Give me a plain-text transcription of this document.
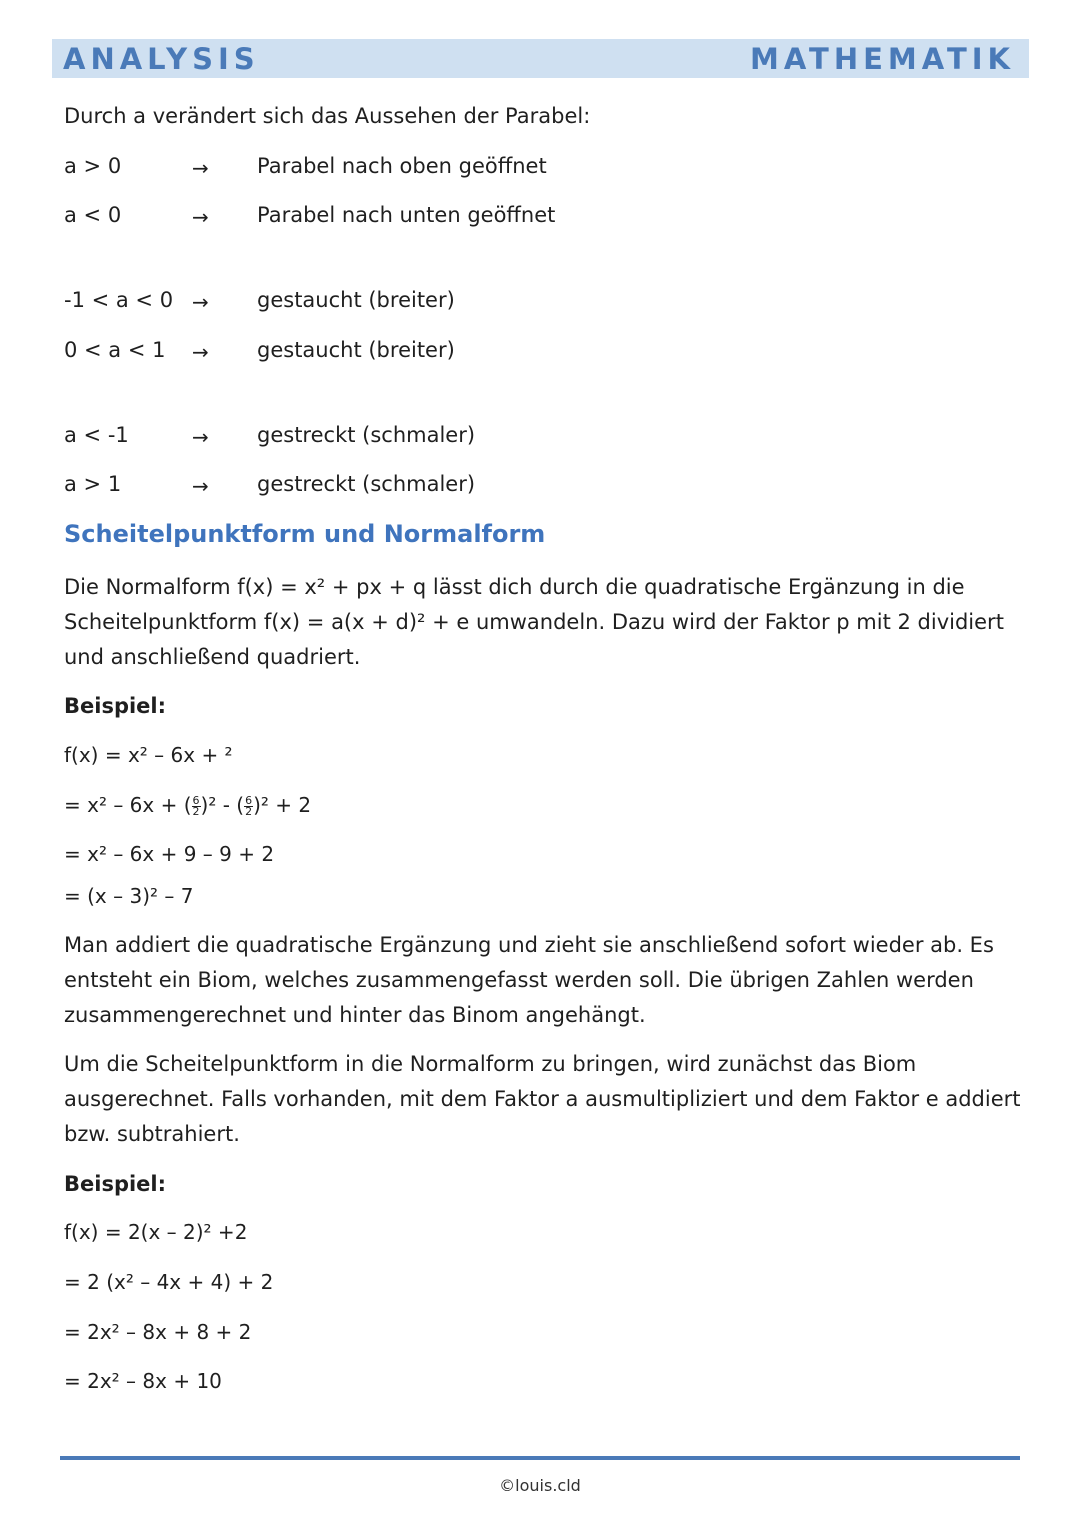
ANALYSIS	MATHEMATIK
Durch a verändert sich das Aussehen der Parabel:
a > 0	→ Parabel nach oben geöffnet
a < 0	→ Parabel nach unten geöffnet
-1 < a < 0 → gestaucht (breiter)
0 < a < 1 → gestaucht (breiter)
a < -1	→ gestreckt (schmaler)
a > 1	→ gestreckt (schmaler)
Scheitelpunktform und Normalform
Die Normalform f(x) = x² + px + q lässt dich durch die quadratische Ergänzung in die
Scheitelpunktform f(x) = a(x + d)² + e umwandeln. Dazu wird der Faktor p mit 2 dividiert
und anschließend quadriert.
Beispiel:
f(x) = x² – 6x + ²
= x² – 6x + ( $\frac{6}{2} )^2$ - ( $\frac{6}{2} )^2 + 2$
= x² – 6x + 9 – 9 + 2
= (x – 3)² – 7
Man addiert die quadratische Ergänzung und zieht sie anschließend sofort wieder ab. Es
entsteht ein Biom, welches zusammengefasst werden soll. Die übrigen Zahlen werden
zusammengerechnet und hinter das Binom angehängt.
Um die Scheitelpunktform in die Normalform zu bringen, wird zunächst das Biom
ausgerechnet. Falls vorhanden, mit dem Faktor a ausmultipliziert und dem Faktor e addiert
bzw. subtrahiert.
Beispiel:
f(x) = 2(x – 2)² +2
= 2 (x² – 4x + 4) + 2
= 2x² – 8x + 8 + 2
= 2x² – 8x + 10
©louis.cld
